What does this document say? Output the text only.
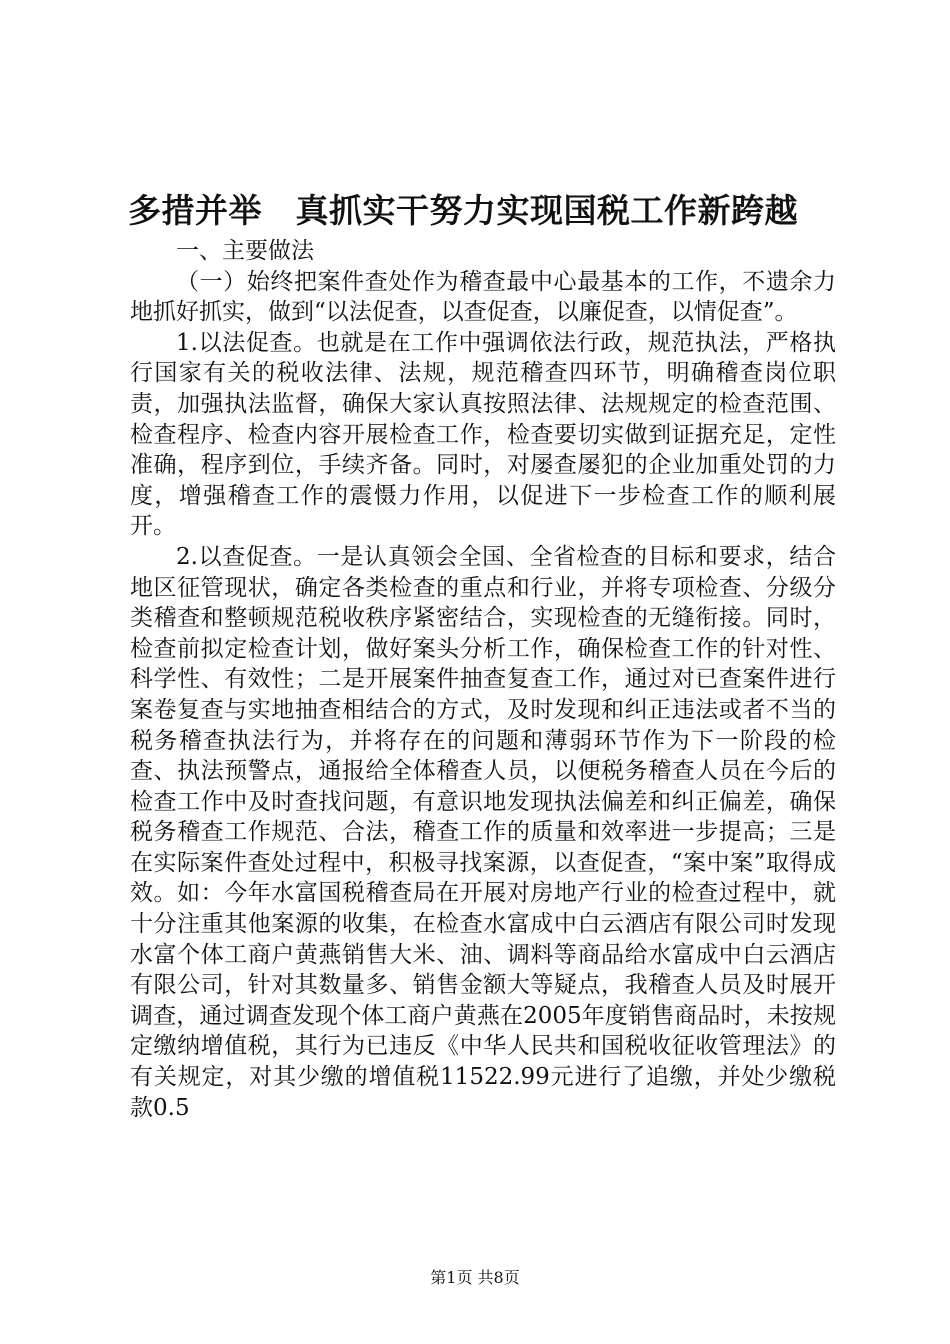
多措并举　真抓实干努力实现国税工作新跨越

一、主要做法

（一）始终把案件查处作为稽查最中心最基本的工作，不遗余力地抓好抓实，做到“以法促查，以查促查，以廉促查，以情促查”。

1.以法促查。也就是在工作中强调依法行政，规范执法，严格执行国家有关的税收法律、法规，规范稽查四环节，明确稽查岗位职责，加强执法监督，确保大家认真按照法律、法规规定的检查范围、检查程序、检查内容开展检查工作，检查要切实做到证据充足，定性准确，程序到位，手续齐备。同时，对屡查屡犯的企业加重处罚的力度，增强稽查工作的震慑力作用，以促进下一步检查工作的顺利展开。

2.以查促查。一是认真领会全国、全省检查的目标和要求，结合地区征管现状，确定各类检查的重点和行业，并将专项检查、分级分类稽查和整顿规范税收秩序紧密结合，实现检查的无缝衔接。同时，检查前拟定检查计划，做好案头分析工作，确保检查工作的针对性、科学性、有效性；二是开展案件抽查复查工作，通过对已查案件进行案卷复查与实地抽查相结合的方式，及时发现和纠正违法或者不当的税务稽查执法行为，并将存在的问题和薄弱环节作为下一阶段的检查、执法预警点，通报给全体稽查人员，以便税务稽查人员在今后的检查工作中及时查找问题，有意识地发现执法偏差和纠正偏差，确保税务稽查工作规范、合法，稽查工作的质量和效率进一步提高；三是在实际案件查处过程中，积极寻找案源，以查促查，“案中案”取得成效。如：今年水富国税稽查局在开展对房地产行业的检查过程中，就十分注重其他案源的收集，在检查水富成中白云酒店有限公司时发现水富个体工商户黄燕销售大米、油、调料等商品给水富成中白云酒店有限公司，针对其数量多、销售金额大等疑点，我稽查人员及时展开调查，通过调查发现个体工商户黄燕在2005年度销售商品时，未按规定缴纳增值税，其行为已违反《中华人民共和国税收征收管理法》的有关规定，对其少缴的增值税11522.99元进行了追缴，并处少缴税款0.5

第1页 共8页
